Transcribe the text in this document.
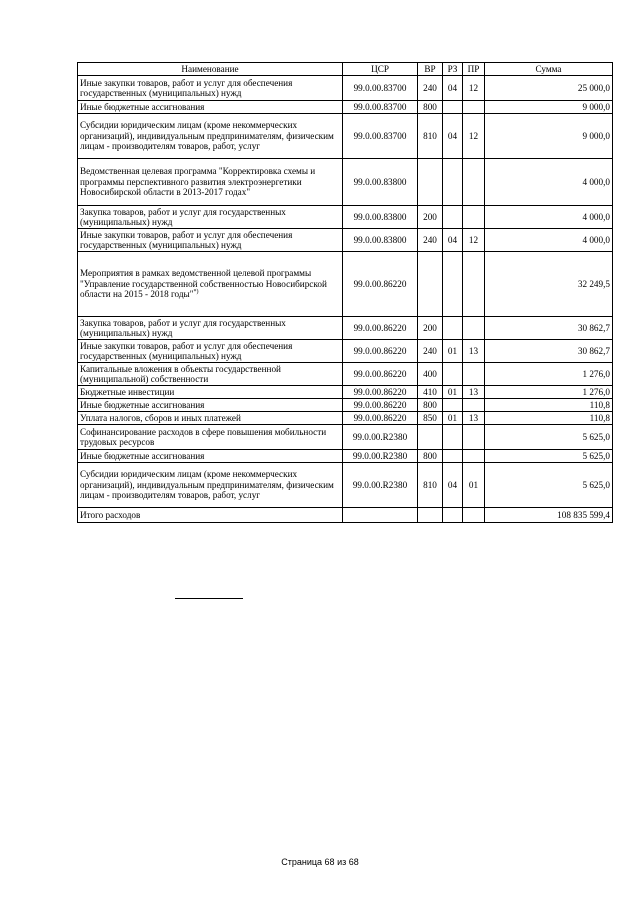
Наименование	ЦСР	ВР	РЗ	ПР	Сумма
Иные закупки товаров, работ и услуг для обеспечения государственных (муниципальных) нужд	99.0.00.83700	240	04	12	25 000,0
Иные бюджетные ассигнования	99.0.00.83700	800			9 000,0
Субсидии юридическим лицам (кроме некоммерческих организаций), индивидуальным предпринимателям, физическим лицам - производителям товаров, работ, услуг	99.0.00.83700	810	04	12	9 000,0
Ведомственная целевая программа "Корректировка схемы и программы перспективного развития электроэнергетики Новосибирской области в 2013-2017 годах"	99.0.00.83800				4 000,0
Закупка товаров, работ и услуг для государственных (муниципальных) нужд	99.0.00.83800	200			4 000,0
Иные закупки товаров, работ и услуг для обеспечения государственных (муниципальных) нужд	99.0.00.83800	240	04	12	4 000,0
Мероприятия в рамках ведомственной целевой программы "Управление государственной собственностью Новосибирской области на 2015 - 2018 годы"*)	99.0.00.86220				32 249,5
Закупка товаров, работ и услуг для государственных (муниципальных) нужд	99.0.00.86220	200			30 862,7
Иные закупки товаров, работ и услуг для обеспечения государственных (муниципальных) нужд	99.0.00.86220	240	01	13	30 862,7
Капитальные вложения в объекты государственной (муниципальной) собственности	99.0.00.86220	400			1 276,0
Бюджетные инвестиции	99.0.00.86220	410	01	13	1 276,0
Иные бюджетные ассигнования	99.0.00.86220	800			110,8
Уплата налогов, сборов и иных платежей	99.0.00.86220	850	01	13	110,8
Софинансирование расходов в сфере повышения мобильности трудовых ресурсов	99.0.00.R2380				5 625,0
Иные бюджетные ассигнования	99.0.00.R2380	800			5 625,0
Субсидии юридическим лицам (кроме некоммерческих организаций), индивидуальным предпринимателям, физическим лицам - производителям товаров, работ, услуг	99.0.00.R2380	810	04	01	5 625,0
Итого расходов					108 835 599,4
Страница 68 из 68
